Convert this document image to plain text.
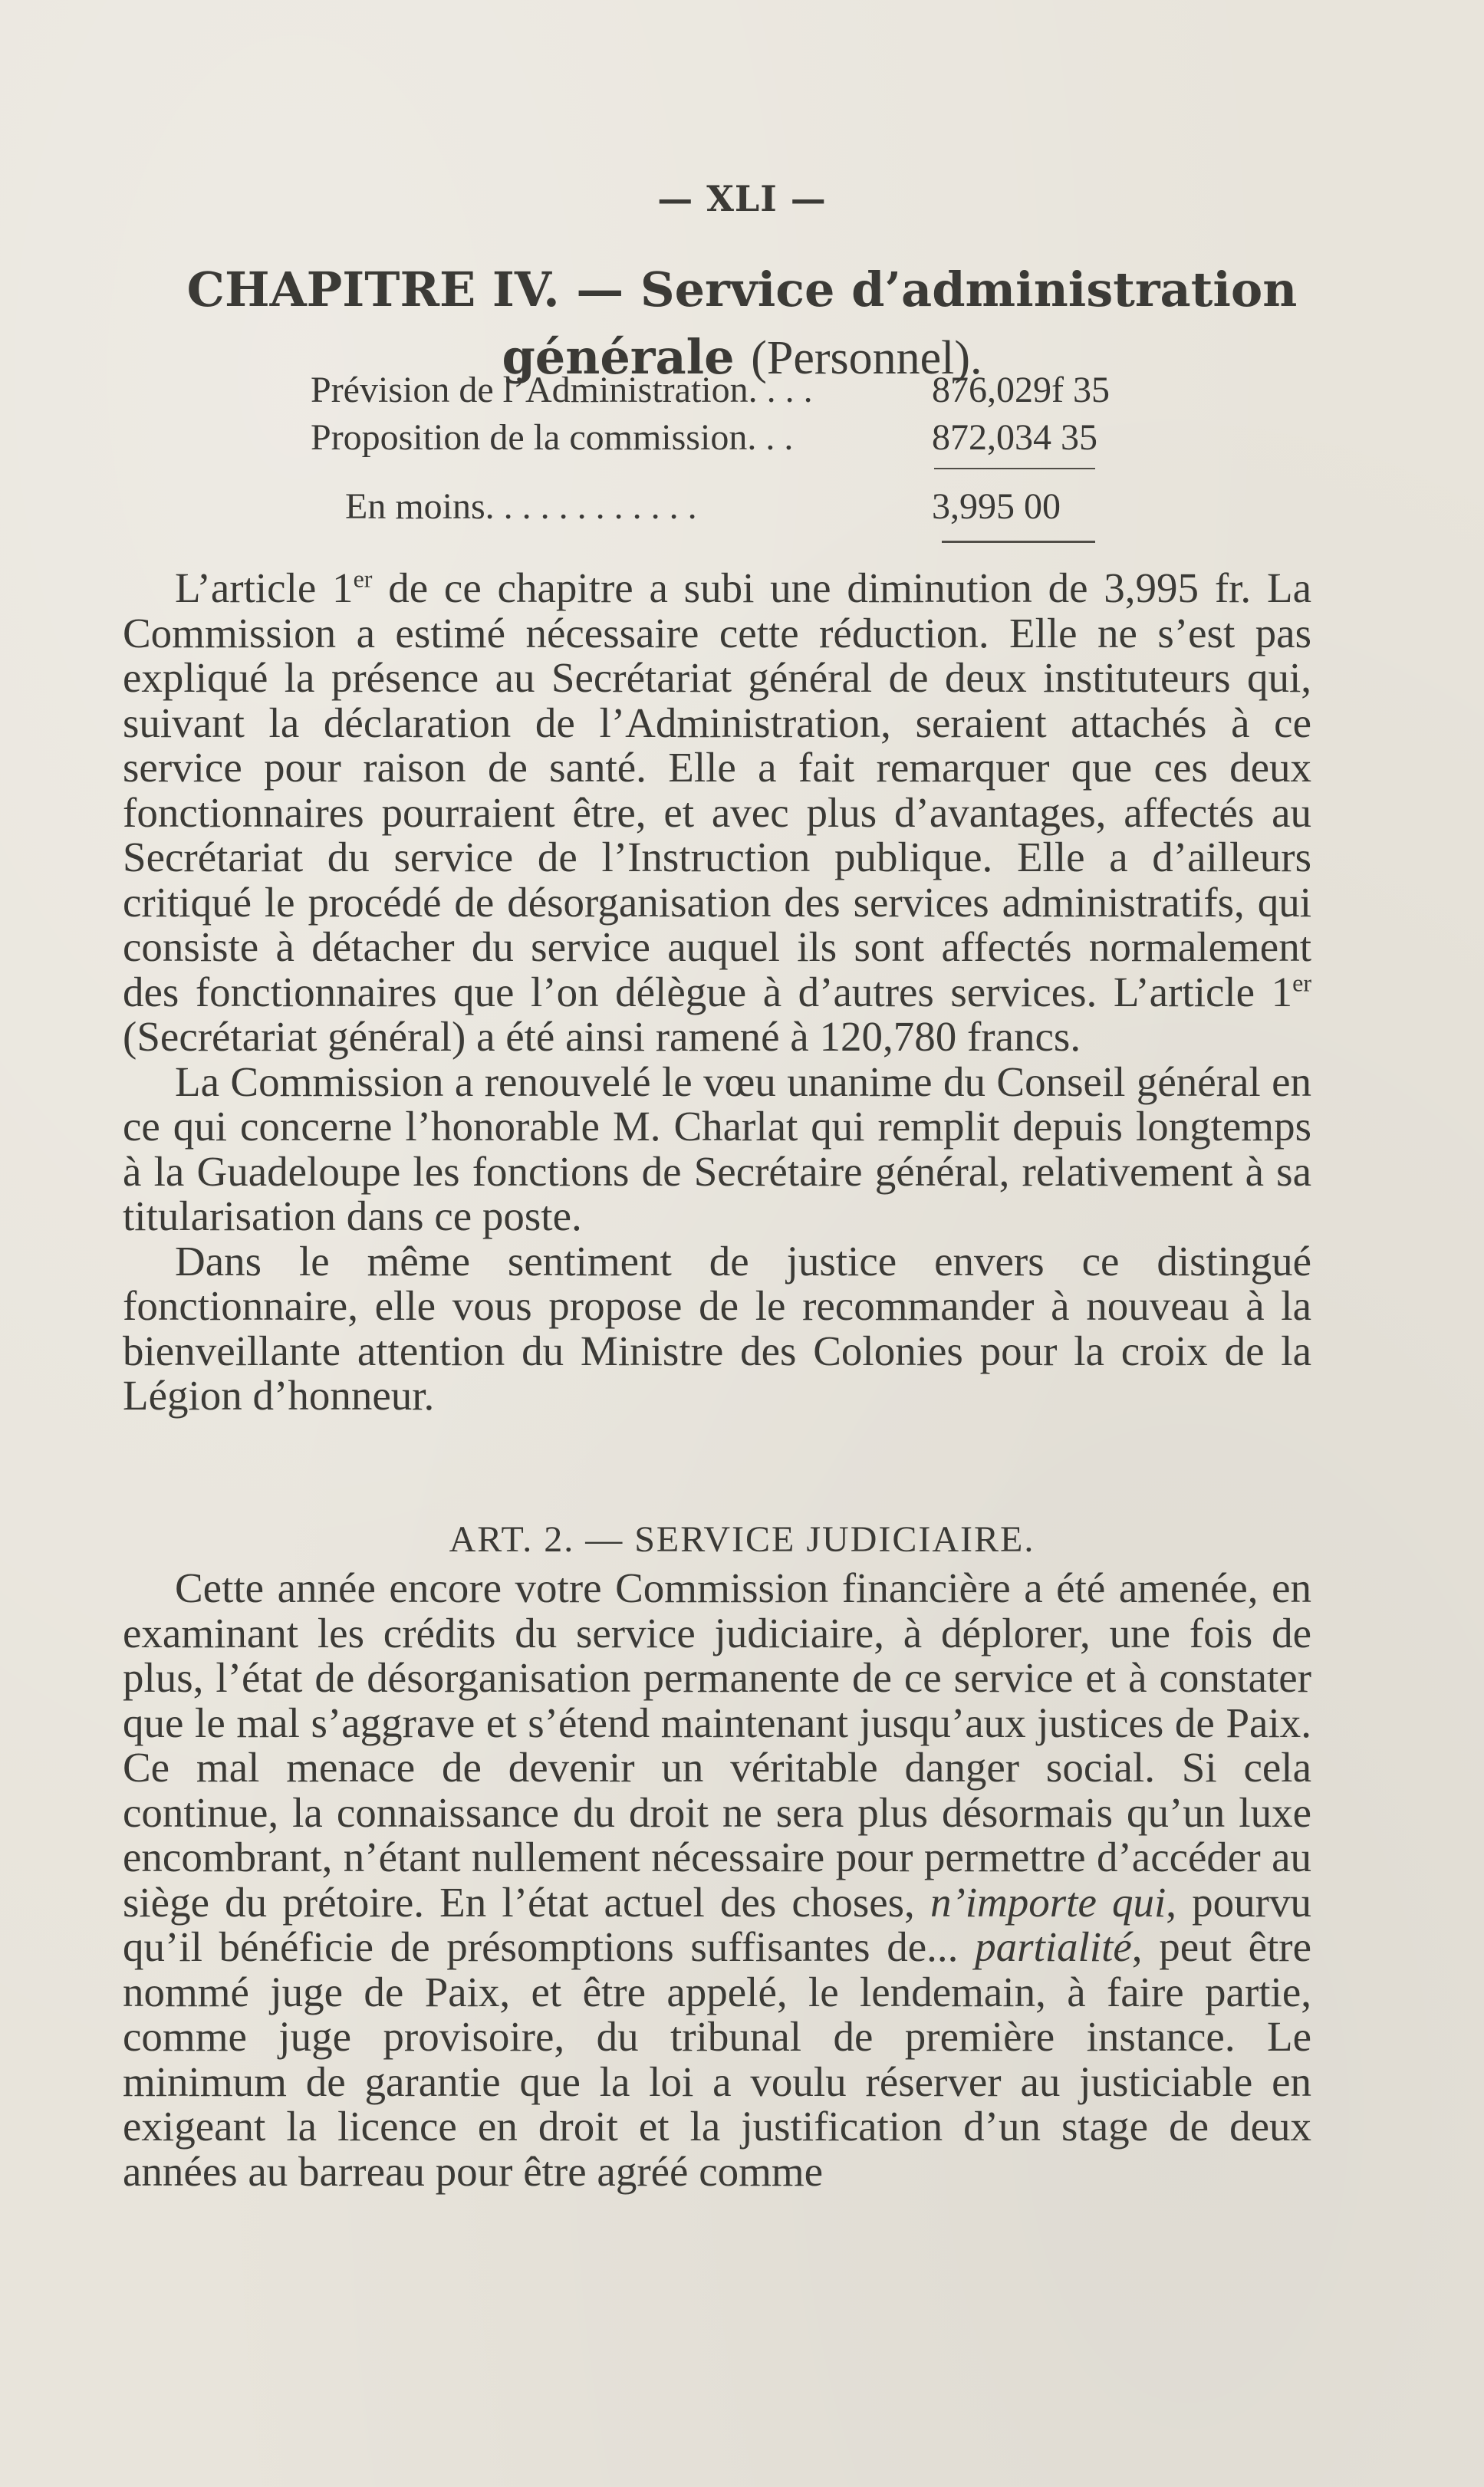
— XLI —
CHAPITRE IV. — Service d’administration
générale (Personnel).
Prévision de l’Administration. . . .	876,029f 35
Proposition de la commission. . .	872,034 35
En moins. . . . . . . . . . . .	3,995 00

L’article 1er de ce chapitre a subi une diminution de 3,995 fr. La Commission a estimé nécessaire cette réduction. Elle ne s’est pas expliqué la présence au Secrétariat général de deux instituteurs qui, suivant la déclaration de l’Administration, seraient attachés à ce service pour raison de santé. Elle a fait remarquer que ces deux fonctionnaires pourraient être, et avec plus d’avantages, affectés au Secrétariat du service de l’Instruction publique. Elle a d’ailleurs critiqué le procédé de désorganisation des services administratifs, qui consiste à détacher du service auquel ils sont affectés normalement des fonctionnaires que l’on délègue à d’autres services. L’article 1er (Secrétariat général) a été ainsi ramené à 120,780 francs.

La Commission a renouvelé le vœu unanime du Conseil général en ce qui concerne l’honorable M. Charlat qui remplit depuis longtemps à la Guadeloupe les fonctions de Secrétaire général, relativement à sa titularisation dans ce poste.

Dans le même sentiment de justice envers ce distingué fonctionnaire, elle vous propose de le recommander à nouveau à la bienveillante attention du Ministre des Colonies pour la croix de la Légion d’honneur.

ART. 2. — SERVICE JUDICIAIRE.

Cette année encore votre Commission financière a été amenée, en examinant les crédits du service judiciaire, à déplorer, une fois de plus, l’état de désorganisation permanente de ce service et à constater que le mal s’aggrave et s’étend maintenant jusqu’aux justices de Paix. Ce mal menace de devenir un véritable danger social. Si cela continue, la connaissance du droit ne sera plus désormais qu’un luxe encombrant, n’étant nullement nécessaire pour permettre d’accéder au siège du prétoire. En l’état actuel des choses, n’importe qui, pourvu qu’il bénéficie de présomptions suffisantes de... partialité, peut être nommé juge de Paix, et être appelé, le lendemain, à faire partie, comme juge provisoire, du tribunal de première instance. Le minimum de garantie que la loi a voulu réserver au justiciable en exigeant la licence en droit et la justification d’un stage de deux années au barreau pour être agréé comme
